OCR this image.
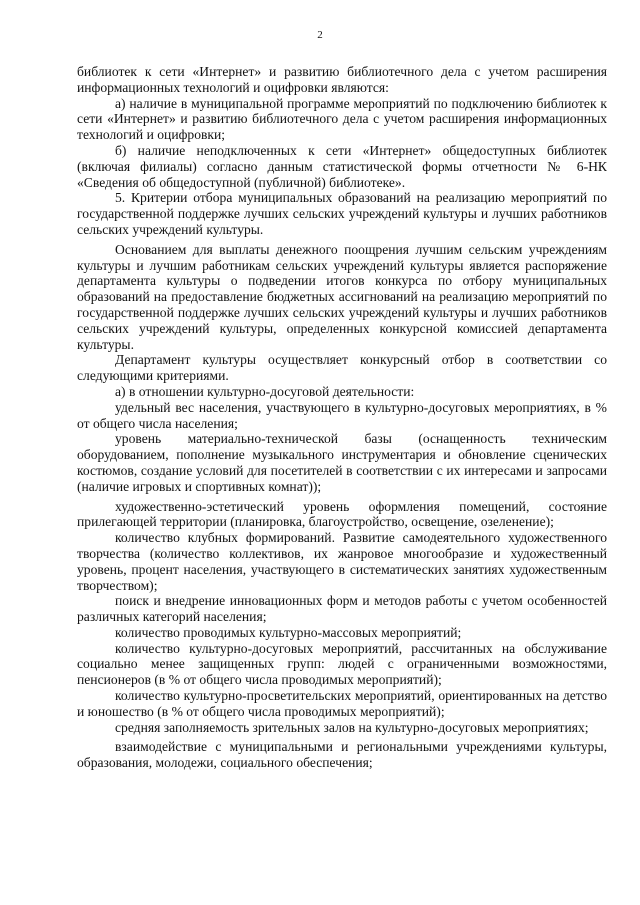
2

библиотек к сети «Интернет» и развитию библиотечного дела с учетом расширения информационных технологий и оцифровки являются:

а) наличие в муниципальной программе мероприятий по подключению библиотек к сети «Интернет» и развитию библиотечного дела с учетом расширения информационных технологий и оцифровки;

б) наличие неподключенных к сети «Интернет» общедоступных библиотек (включая филиалы) согласно данным статистической формы отчетности № 6-НК «Сведения об общедоступной (публичной) библиотеке».

5. Критерии отбора муниципальных образований на реализацию мероприятий по государственной поддержке лучших сельских учреждений культуры и лучших работников сельских учреждений культуры.

Основанием для выплаты денежного поощрения лучшим сельским учреждениям культуры и лучшим работникам сельских учреждений культуры является распоряжение департамента культуры о подведении итогов конкурса по отбору муниципальных образований на предоставление бюджетных ассигнований на реализацию мероприятий по государственной поддержке лучших сельских учреждений культуры и лучших работников сельских учреждений культуры, определенных конкурсной комиссией департамента культуры.

Департамент культуры осуществляет конкурсный отбор в соответствии со следующими критериями.

а) в отношении культурно-досуговой деятельности:

удельный вес населения, участвующего в культурно-досуговых мероприятиях, в % от общего числа населения;

уровень материально-технической базы (оснащенность техническим оборудованием, пополнение музыкального инструментария и обновление сценических костюмов, создание условий для посетителей в соответствии с их интересами и запросами (наличие игровых и спортивных комнат));

художественно-эстетический уровень оформления помещений, состояние прилегающей территории (планировка, благоустройство, освещение, озеленение);

количество клубных формирований. Развитие самодеятельного художественного творчества (количество коллективов, их жанровое многообразие и художественный уровень, процент населения, участвующего в систематических занятиях художественным творчеством);

поиск и внедрение инновационных форм и методов работы с учетом особенностей различных категорий населения;

количество проводимых культурно-массовых мероприятий;

количество культурно-досуговых мероприятий, рассчитанных на обслуживание социально менее защищенных групп: людей с ограниченными возможностями, пенсионеров (в % от общего числа проводимых мероприятий);

количество культурно-просветительских мероприятий, ориентированных на детство и юношество (в % от общего числа проводимых мероприятий);

средняя заполняемость зрительных залов на культурно-досуговых мероприятиях;

взаимодействие с муниципальными и региональными учреждениями культуры, образования, молодежи, социального обеспечения;
